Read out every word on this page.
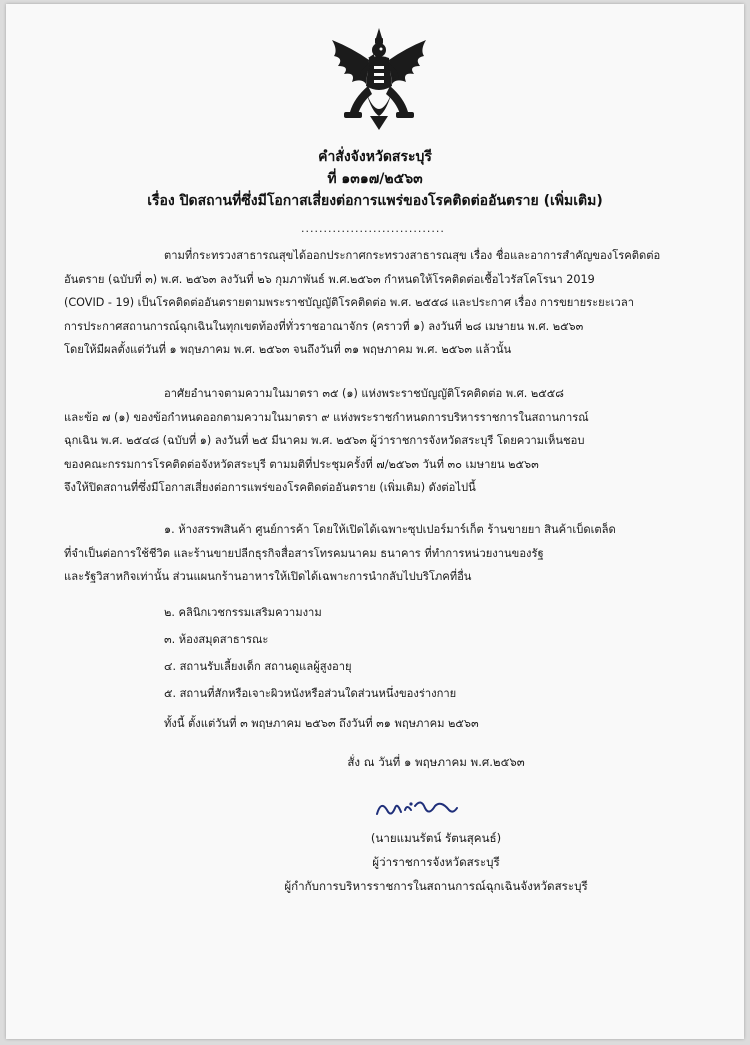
คำสั่งจังหวัดสระบุรี
ที่ ๑๓๑๗/๒๕๖๓
เรื่อง ปิดสถานที่ซึ่งมีโอกาสเสี่ยงต่อการแพร่ของโรคติดต่ออันตราย (เพิ่มเติม)
................................
ตามที่กระทรวงสาธารณสุขได้ออกประกาศกระทรวงสาธารณสุข เรื่อง ชื่อและอาการสำคัญของโรคติดต่อ
อันตราย (ฉบับที่ ๓) พ.ศ. ๒๕๖๓ ลงวันที่ ๒๖ กุมภาพันธ์ พ.ศ.๒๕๖๓ กำหนดให้โรคติดต่อเชื้อไวรัสโคโรนา 2019
(COVID - 19) เป็นโรคติดต่ออันตรายตามพระราชบัญญัติโรคติดต่อ พ.ศ. ๒๕๕๘ และประกาศ เรื่อง การขยายระยะเวลา
การประกาศสถานการณ์ฉุกเฉินในทุกเขตท้องที่ทั่วราชอาณาจักร (คราวที่ ๑) ลงวันที่ ๒๘ เมษายน พ.ศ. ๒๕๖๓
โดยให้มีผลตั้งแต่วันที่ ๑ พฤษภาคม พ.ศ. ๒๕๖๓ จนถึงวันที่ ๓๑ พฤษภาคม พ.ศ. ๒๕๖๓ แล้วนั้น
อาศัยอำนาจตามความในมาตรา ๓๕ (๑) แห่งพระราชบัญญัติโรคติดต่อ พ.ศ. ๒๕๕๘
และข้อ ๗ (๑) ของข้อกำหนดออกตามความในมาตรา ๙ แห่งพระราชกำหนดการบริหารราชการในสถานการณ์
ฉุกเฉิน พ.ศ. ๒๕๔๘ (ฉบับที่ ๑) ลงวันที่ ๒๕ มีนาคม พ.ศ. ๒๕๖๓ ผู้ว่าราชการจังหวัดสระบุรี โดยความเห็นชอบ
ของคณะกรรมการโรคติดต่อจังหวัดสระบุรี ตามมติที่ประชุมครั้งที่ ๗/๒๕๖๓ วันที่ ๓๐ เมษายน ๒๕๖๓
จึงให้ปิดสถานที่ซึ่งมีโอกาสเสี่ยงต่อการแพร่ของโรคติดต่ออันตราย (เพิ่มเติม) ดังต่อไปนี้
๑. ห้างสรรพสินค้า ศูนย์การค้า โดยให้เปิดได้เฉพาะซุปเปอร์มาร์เก็ต ร้านขายยา สินค้าเบ็ดเตล็ด
ที่จำเป็นต่อการใช้ชีวิต และร้านขายปลีกธุรกิจสื่อสารโทรคมนาคม ธนาคาร ที่ทำการหน่วยงานของรัฐ
และรัฐวิสาหกิจเท่านั้น ส่วนแผนกร้านอาหารให้เปิดได้เฉพาะการนำกลับไปบริโภคที่อื่น
๒. คลินิกเวชกรรมเสริมความงาม
๓. ห้องสมุดสาธารณะ
๔. สถานรับเลี้ยงเด็ก สถานดูแลผู้สูงอายุ
๕. สถานที่สักหรือเจาะผิวหนังหรือส่วนใดส่วนหนึ่งของร่างกาย
ทั้งนี้ ตั้งแต่วันที่ ๓ พฤษภาคม ๒๕๖๓ ถึงวันที่ ๓๑ พฤษภาคม ๒๕๖๓
สั่ง ณ วันที่ ๑ พฤษภาคม พ.ศ.๒๕๖๓
(นายแมนรัตน์ รัตนสุคนธ์)
ผู้ว่าราชการจังหวัดสระบุรี
ผู้กำกับการบริหารราชการในสถานการณ์ฉุกเฉินจังหวัดสระบุรี
